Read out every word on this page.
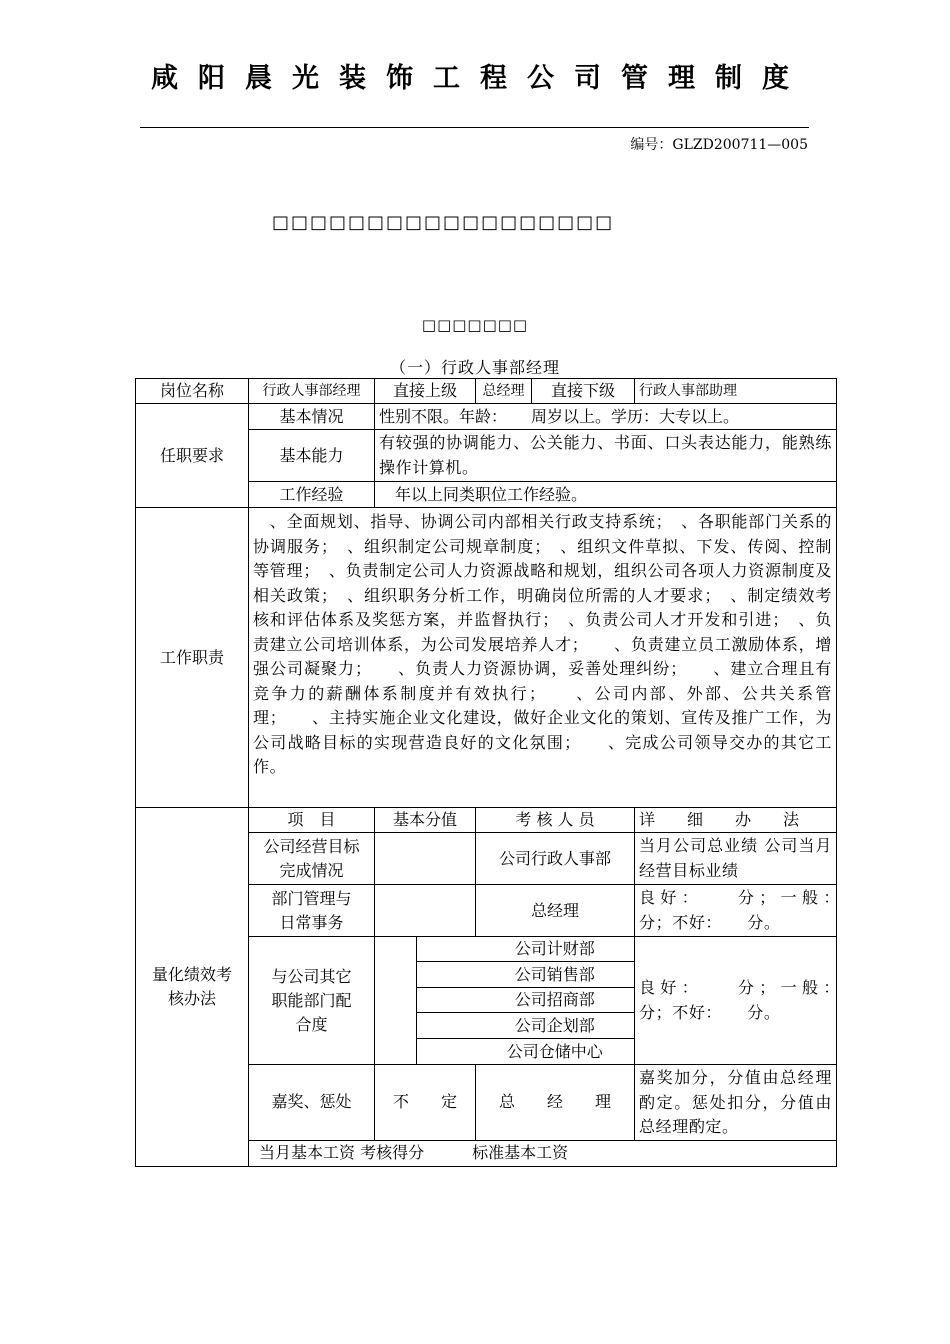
咸阳晨光装饰工程公司管理制度
编号：GLZD200711—005
□□□□□□□□□□□□□□□□□□
□□□□□□□
（一）行政人事部经理
岗位名称	行政人事部经理	直接上级		总经理	直接下级	行政人事部助理
任职要求	基本情况	性别不限。年龄：　　周岁以上。学历：大专以上。				
	基本能力	有较强的协调能力、公关能力、书面、口头表达能力，能熟练操作计算机。				
	工作经验	　年以上同类职位工作经验。				
工作职责	　、全面规划、指导、协调公司内部相关行政支持系统；　、各职能部门关系的协调服务；　、组织制定公司规章制度；　、组织文件草拟、下发、传阅、控制等管理；　、负责制定公司人力资源战略和规划，组织公司各项人力资源制度及相关政策；　、组织职务分析工作，明确岗位所需的人才要求；　、制定绩效考核和评估体系及奖惩方案，并监督执行；　、负责公司人才开发和引进；　、负责建立公司培训体系，为公司发展培养人才；　　、负责建立员工激励体系，增强公司凝聚力；　　、负责人力资源协调，妥善处理纠纷；　　、建立合理且有竞争力的薪酬体系制度并有效执行；　　、公司内部、外部、公共关系管理；　　、主持实施企业文化建设，做好企业文化的策划、宣传及推广工作，为公司战略目标的实现营造良好的文化氛围；　　、完成公司领导交办的其它工作。					
量化绩效考核办法	项　目	基本分值		考 核 人 员		详　　细　　办　　法
	公司经营目标完成情况			公司行政人事部		当月公司总业绩 公司当月经营目标业绩
	部门管理与日常事务			总经理		良好：　　分；一般：　　分；不好：　　分。
	与公司其它职能部门配合度			公司计财部		良好：　　分；一般：　　分；不好：　　分。
				公司销售部		
				公司招商部		
				公司企划部		
				公司仓储中心		
	嘉奖、惩处	不　　定		总　　经　　理		嘉奖加分，分值由总经理酌定。惩处扣分，分值由总经理酌定。
	当月基本工资 考核得分　　　标准基本工资					
